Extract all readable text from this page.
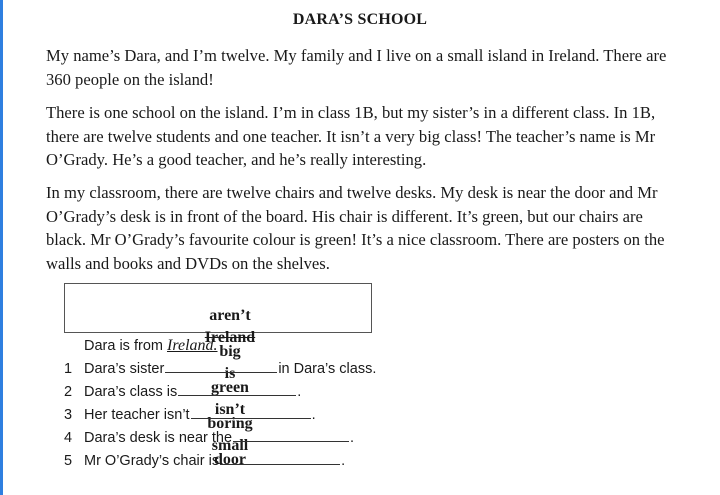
DARA’S SCHOOL

My name’s Dara, and I’m twelve. My family and I live on a small island in Ireland. There are 360 people on the island!

There is one school on the island. I’m in class 1B, but my sister’s in a different class. In 1B, there are twelve students and one teacher. It isn’t a very big class! The teacher’s name is Mr O’Grady. He’s a good teacher, and he’s really interesting.

In my classroom, there are twelve chairs and twelve desks. My desk is near the door and Mr O’Grady’s desk is in front of the board. His chair is different. It’s green, but our chairs are black. Mr O’Grady’s favourite colour is green! It’s a nice classroom. There are posters on the walls and books and DVDs on the shelves.

aren’t

big

green

boring

door

Ireland

is

isn’t

small

Dara is from Ireland.
1 Dara’s sister	in Dara’s class.
2 Dara’s class is	.
3 Her teacher isn’t	.
4 Dara’s desk is near the	.
5 Mr O’Grady’s chair is	.
